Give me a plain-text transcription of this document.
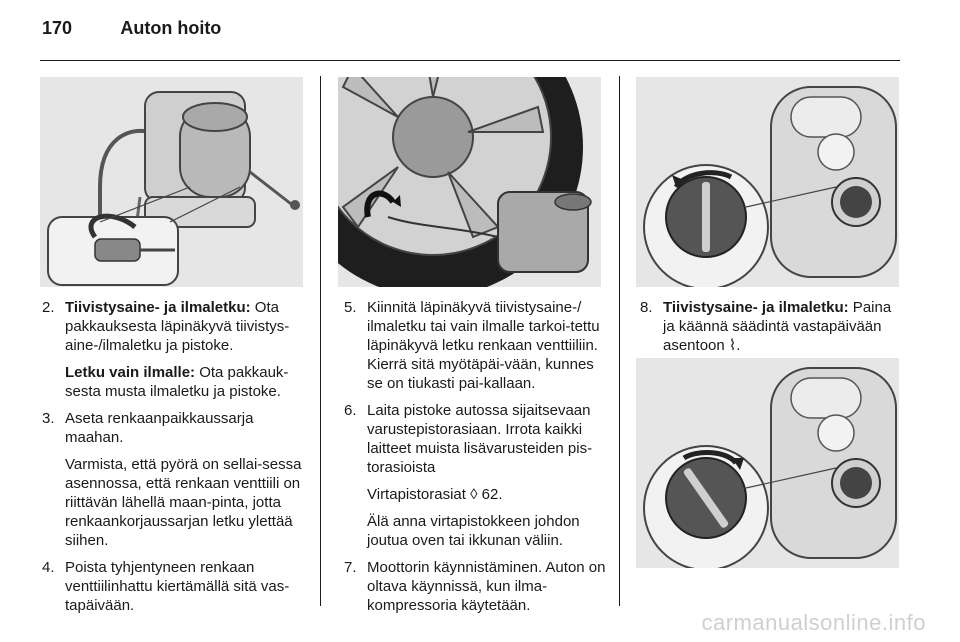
170	Auton hoito
2. Tiivistysaine- ja ilmaletku: Ota pakkauksesta läpinäkyvä tiivistys-aine-/ilmaletku ja pistoke.
Letku vain ilmalle: Ota pakkauk-sesta musta ilmaletku ja pistoke.
3. Aseta renkaanpaikkaussarja maahan.
Varmista, että pyörä on sellai-sessa asennossa, että renkaan venttiili on riittävän lähellä maan-pinta, jotta renkaankorjaussarjan letku ylettää siihen.
4. Poista tyhjentyneen renkaan venttiilinhattu kiertämällä sitä vas-tapäivään.
5. Kiinnitä läpinäkyvä tiivistysaine-/ ilmaletku tai vain ilmalle tarkoi-tettu läpinäkyvä letku renkaan venttiiliin. Kierrä sitä myötäpäi-vään, kunnes se on tiukasti pai-kallaan.
6. Laita pistoke autossa sijaitsevaan varustepistorasiaan. Irrota kaikki laitteet muista lisävarusteiden pis-torasioista
Virtapistorasiat ◊ 62.
Älä anna virtapistokkeen johdon joutua oven tai ikkunan väliin.
7. Moottorin käynnistäminen. Auton on oltava käynnissä, kun ilma-kompressoria käytetään.
8. Tiivistysaine- ja ilmaletku: Paina ja käännä säädintä vastapäivään asentoon ⌇.
carmanualsonline.info
